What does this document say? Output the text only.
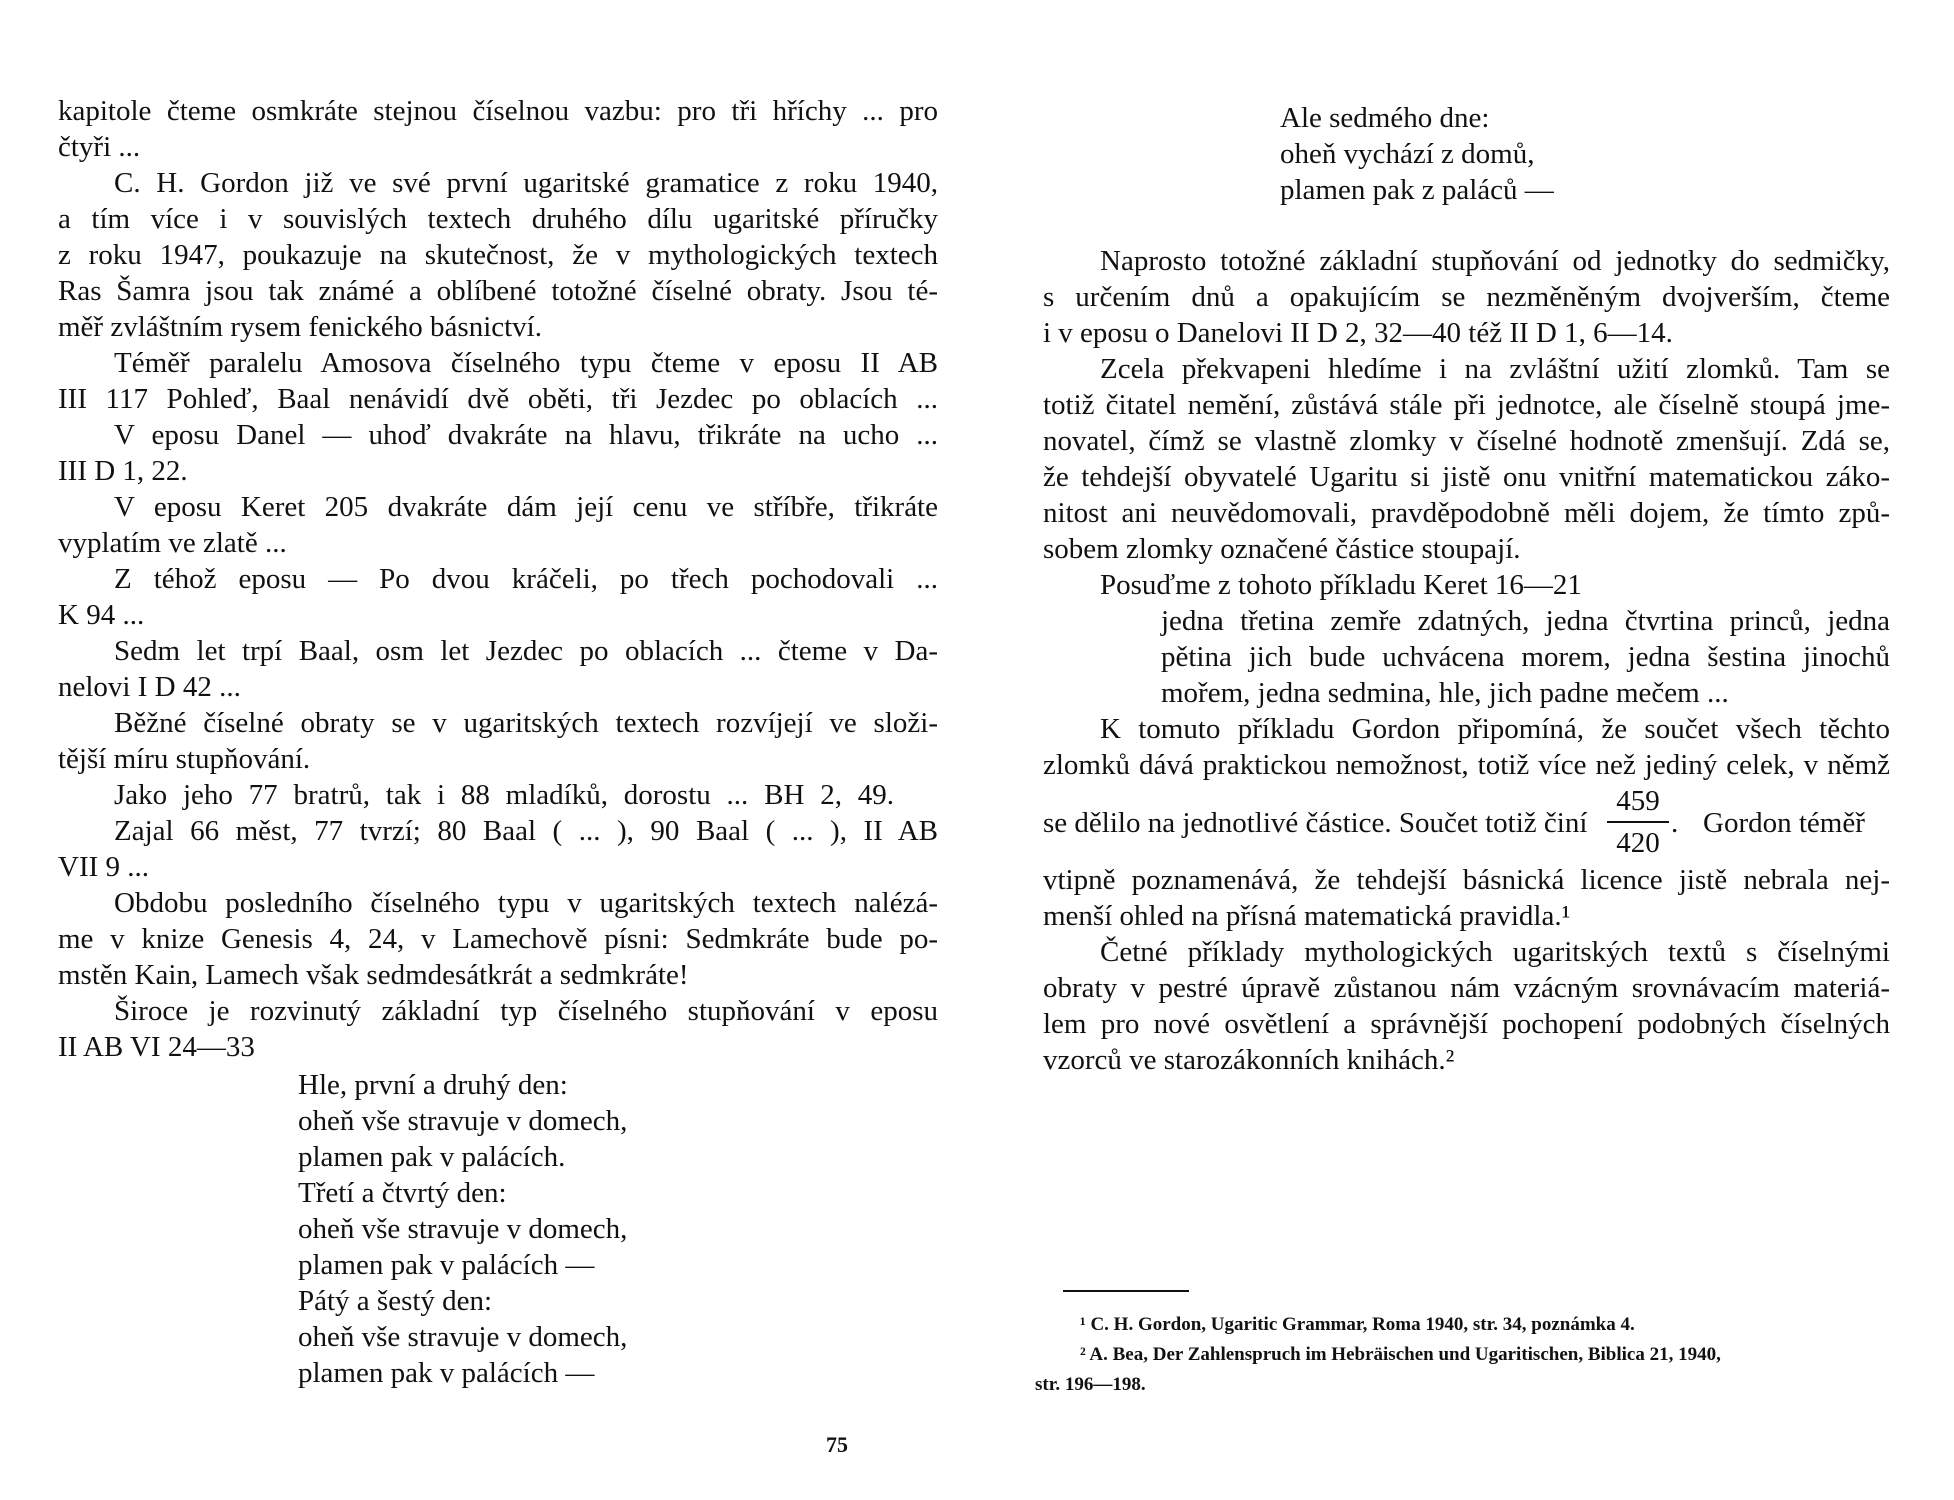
kapitole čteme osmkráte stejnou číselnou vazbu: pro tři hříchy ... pro
čtyři ...
C. H. Gordon již ve své první ugaritské gramatice z roku 1940,
a tím více i v souvislých textech druhého dílu ugaritské příručky
z roku 1947, poukazuje na skutečnost, že v mythologických textech
Ras Šamra jsou tak známé a oblíbené totožné číselné obraty. Jsou té-
měř zvláštním rysem fenického básnictví.
Téměř paralelu Amosova číselného typu čteme v eposu II AB
III 117 Pohleď, Baal nenávidí dvě oběti, tři Jezdec po oblacích ...
V eposu Danel — uhoď dvakráte na hlavu, třikráte na ucho ...
III D 1, 22.
V eposu Keret 205 dvakráte dám její cenu ve stříbře, třikráte
vyplatím ve zlatě ...
Z téhož eposu — Po dvou kráčeli, po třech pochodovali ...
K 94 ...
Sedm let trpí Baal, osm let Jezdec po oblacích ... čteme v Da-
nelovi I D 42 ...
Běžné číselné obraty se v ugaritských textech rozvíjejí ve složi-
tější míru stupňování.
Jako jeho 77 bratrů, tak i 88 mladíků, dorostu ... BH 2, 49.
Zajal 66 měst, 77 tvrzí; 80 Baal ( ... ), 90 Baal ( ... ), II AB
VII 9 ...
Obdobu posledního číselného typu v ugaritských textech nalézá-
me v knize Genesis 4, 24, v Lamechově písni: Sedmkráte bude po-
mstěn Kain, Lamech však sedmdesátkrát a sedmkráte!
Široce je rozvinutý základní typ číselného stupňování v eposu
II AB VI 24—33
Hle, první a druhý den:
oheň vše stravuje v domech,
plamen pak v palácích.
Třetí a čtvrtý den:
oheň vše stravuje v domech,
plamen pak v palácích —
Pátý a šestý den:
oheň vše stravuje v domech,
plamen pak v palácích —
75
Ale sedmého dne:
oheň vychází z domů,
plamen pak z paláců —
Naprosto totožné základní stupňování od jednotky do sedmičky,
s určením dnů a opakujícím se nezměněným dvojverším, čteme
i v eposu o Danelovi II D 2, 32—40 též II D 1, 6—14.
Zcela překvapeni hledíme i na zvláštní užití zlomků. Tam se
totiž čitatel nemění, zůstává stále při jednotce, ale číselně stoupá jme-
novatel, čímž se vlastně zlomky v číselné hodnotě zmenšují. Zdá se,
že tehdejší obyvatelé Ugaritu si jistě onu vnitřní matematickou záko-
nitost ani neuvědomovali, pravděpodobně měli dojem, že tímto způ-
sobem zlomky označené částice stoupají.
Posuďme z tohoto příkladu Keret 16—21
jedna třetina zemře zdatných, jedna čtvrtina princů, jedna
pětina jich bude uchvácena morem, jedna šestina jinochů
mořem, jedna sedmina, hle, jich padne mečem ...
K tomuto příkladu Gordon připomíná, že součet všech těchto
zlomků dává praktickou nemožnost, totiž více než jediný celek, v němž
se dělilo na jednotlivé částice. Součet totiž činí
459
420
. Gordon téměř
vtipně poznamenává, že tehdejší básnická licence jistě nebrala nej-
menší ohled na přísná matematická pravidla.¹
Četné příklady mythologických ugaritských textů s číselnými
obraty v pestré úpravě zůstanou nám vzácným srovnávacím materiá-
lem pro nové osvětlení a správnější pochopení podobných číselných
vzorců ve starozákonních knihách.²
¹ C. H. Gordon, Ugaritic Grammar, Roma 1940, str. 34, poznámka 4.
² A. Bea, Der Zahlenspruch im Hebräischen und Ugaritischen, Biblica 21, 1940,
str. 196—198.
